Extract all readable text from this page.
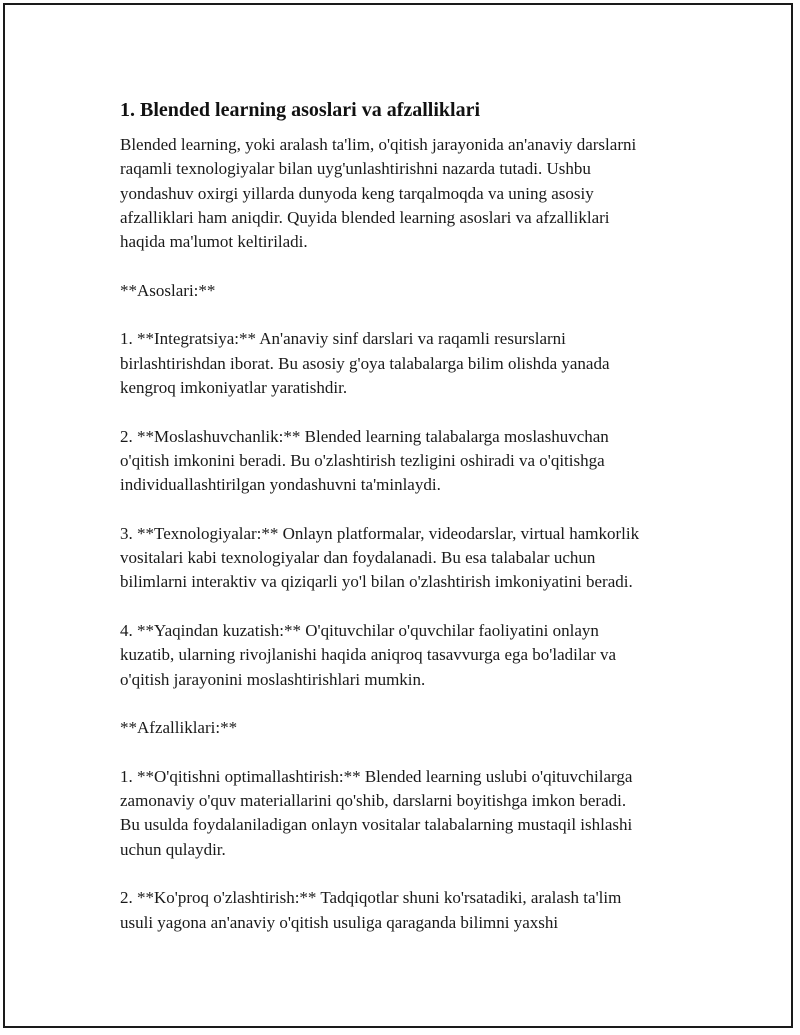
1. Blended learning asoslari va afzalliklari
Blended learning, yoki aralash ta'lim, o'qitish jarayonida an'anaviy darslarni
raqamli texnologiyalar bilan uyg'unlashtirishni nazarda tutadi. Ushbu
yondashuv oxirgi yillarda dunyoda keng tarqalmoqda va uning asosiy
afzalliklari ham aniqdir. Quyida blended learning asoslari va afzalliklari
haqida ma'lumot keltiriladi.
**Asoslari:**
1. **Integratsiya:** An'anaviy sinf darslari va raqamli resurslarni
birlashtirishdan iborat. Bu asosiy g'oya talabalarga bilim olishda yanada
kengroq imkoniyatlar yaratishdir.
2. **Moslashuvchanlik:** Blended learning talabalarga moslashuvchan
o'qitish imkonini beradi. Bu o'zlashtirish tezligini oshiradi va o'qitishga
individuallashtirilgan yondashuvni ta'minlaydi.
3. **Texnologiyalar:** Onlayn platformalar, videodarslar, virtual hamkorlik
vositalari kabi texnologiyalar dan foydalanadi. Bu esa talabalar uchun
bilimlarni interaktiv va qiziqarli yo'l bilan o'zlashtirish imkoniyatini beradi.
4. **Yaqindan kuzatish:** O'qituvchilar o'quvchilar faoliyatini onlayn
kuzatib, ularning rivojlanishi haqida aniqroq tasavvurga ega bo'ladilar va
o'qitish jarayonini moslashtirishlari mumkin.
**Afzalliklari:**
1. **O'qitishni optimallashtirish:** Blended learning uslubi o'qituvchilarga
zamonaviy o'quv materiallarini qo'shib, darslarni boyitishga imkon beradi.
Bu usulda foydalaniladigan onlayn vositalar talabalarning mustaqil ishlashi
uchun qulaydir.
2. **Ko'proq o'zlashtirish:** Tadqiqotlar shuni ko'rsatadiki, aralash ta'lim
usuli yagona an'anaviy o'qitish usuliga qaraganda bilimni yaxshi
